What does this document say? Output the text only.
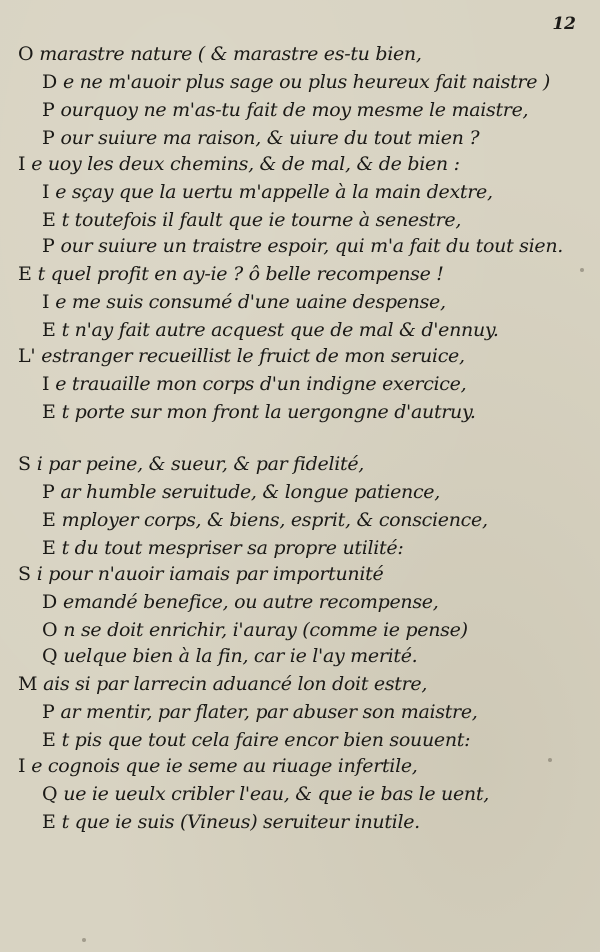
12
O marastre nature ( & marastre es-tu bien,
D e ne m'auoir plus sage ou plus heureux fait naistre )
P ourquoy ne m'as-tu fait de moy mesme le maistre,
P our suiure ma raison, & uiure du tout mien ?
I e uoy les deux chemins, & de mal, & de bien :
I e sçay que la uertu m'appelle à la main dextre,
E t toutefois il fault que ie tourne à senestre,
P our suiure un traistre espoir, qui m'a fait du tout sien.
E t quel profit en ay-ie ? ô belle recompense !
I e me suis consumé d'une uaine despense,
E t n'ay fait autre acquest que de mal & d'ennuy.
L' estranger recueillist le fruict de mon seruice,
I e trauaille mon corps d'un indigne exercice,
E t porte sur mon front la uergongne d'autruy.
S i par peine, & sueur, & par fidelité,
P ar humble seruitude, & longue patience,
E mployer corps, & biens, esprit, & conscience,
E t du tout mespriser sa propre utilité:
S i pour n'auoir iamais par importunité
D emandé benefice, ou autre recompense,
O n se doit enrichir, i'auray (comme ie pense)
Q uelque bien à la fin, car ie l'ay merité.
M ais si par larrecin aduancé lon doit estre,
P ar mentir, par flater, par abuser son maistre,
E t pis que tout cela faire encor bien souuent:
I e cognois que ie seme au riuage infertile,
Q ue ie ueulx cribler l'eau, & que ie bas le uent,
E t que ie suis (Vineus) seruiteur inutile.
